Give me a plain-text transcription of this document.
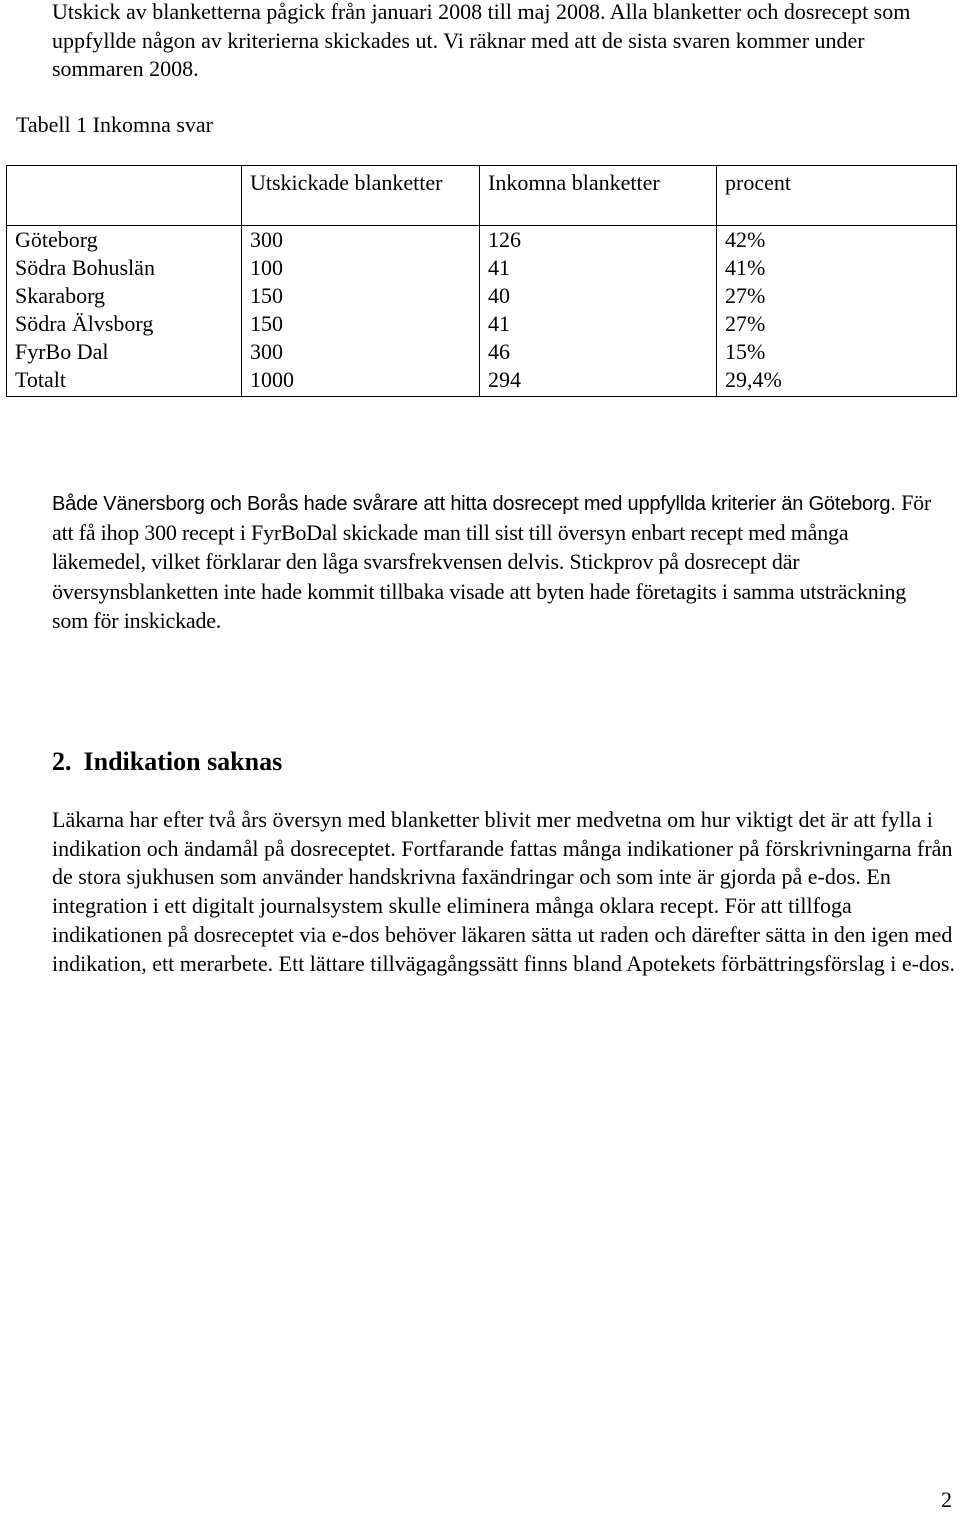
Utskick av blanketterna pågick från januari 2008 till maj 2008. Alla blanketter och dosrecept som uppfyllde någon av kriterierna skickades ut. Vi räknar med att de sista svaren kommer under sommaren 2008.

Tabell 1 Inkomna svar

	Utskickade blanketter	Inkomna blanketter	procent
Göteborg	300	126	42%
Södra Bohuslän	100	41	41%
Skaraborg	150	40	27%
Södra Älvsborg	150	41	27%
FyrBo Dal	300	46	15%
Totalt	1000	294	29,4%

Både Vänersborg och Borås hade svårare att hitta dosrecept med uppfyllda kriterier än Göteborg. För att få ihop 300 recept i FyrBoDal skickade man till sist till översyn enbart recept med många läkemedel, vilket förklarar den låga svarsfrekvensen delvis. Stickprov på dosrecept där översynsblanketten inte hade kommit tillbaka visade att byten hade företagits i samma utsträckning som för inskickade.

2. Indikation saknas

Läkarna har efter två års översyn med blanketter blivit mer medvetna om hur viktigt det är att fylla i indikation och ändamål på dosreceptet. Fortfarande fattas många indikationer på förskrivningarna från de stora sjukhusen som använder handskrivna faxändringar och som inte är gjorda på e-dos. En integration i ett digitalt journalsystem skulle eliminera många oklara recept. För att tillfoga indikationen på dosreceptet via e-dos behöver läkaren sätta ut raden och därefter sätta in den igen med indikation, ett merarbete. Ett lättare tillvägagångssätt finns bland Apotekets förbättringsförslag i e-dos.

2
